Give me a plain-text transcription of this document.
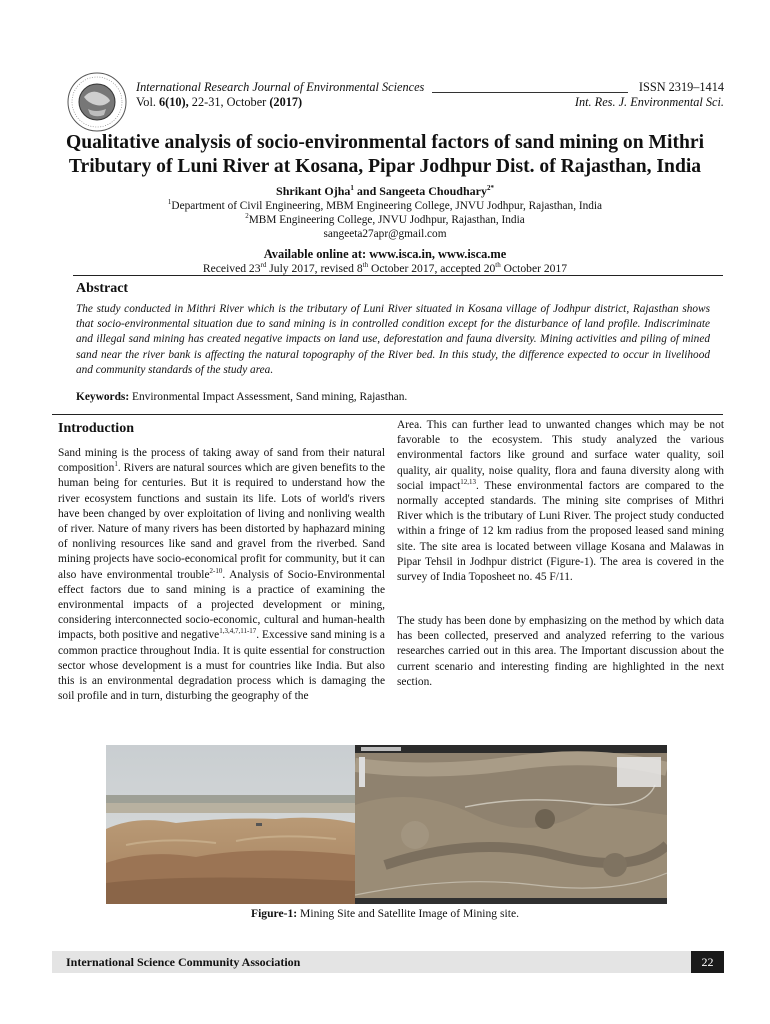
International Research Journal of Environmental Sciences	ISSN 2319–1414
Vol. 6(10), 22-31, October (2017)	Int. Res. J. Environmental Sci.
Qualitative analysis of socio-environmental factors of sand mining on Mithri
Tributary of Luni River at Kosana, Pipar Jodhpur Dist. of Rajasthan, India
Shrikant Ojha$^1$ and Sangeeta Choudhary$^{2*}$
$^1$Department of Civil Engineering, MBM Engineering College, JNVU Jodhpur, Rajasthan, India
$^2$MBM Engineering College, JNVU Jodhpur, Rajasthan, India
sangeeta27apr@gmail.com
Available online at: www.isca.in, www.isca.me
Received 23rd July 2017, revised 8th October 2017, accepted 20th October 2017
Abstract
The study conducted in Mithri River which is the tributary of Luni River situated in Kosana village of Jodhpur district, Rajasthan shows that socio-environmental situation due to sand mining is in controlled condition except for the disturbance of land profile. Indiscriminate and illegal sand mining has created negative impacts on land use, deforestation and fauna diversity. Mining activities and piling of mined sand near the river bank is affecting the natural topography of the River bed. In this study, the difference expected to occur in livelihood and community standards of the study area.
Keywords: Environmental Impact Assessment, Sand mining, Rajasthan.
Introduction
Sand mining is the process of taking away of sand from their natural composition$^1$. Rivers are natural sources which are given benefits to the human being for centuries. But it is required to understand how the river ecosystem functions and sustain its life. Lots of world's rivers have been changed by over exploitation of living and nonliving wealth of river. Nature of many rivers has been distorted by haphazard mining of nonliving resources like sand and gravel from the riverbed. Sand mining projects have socio-economical profit for community, but it can also have environmental trouble$^{2-10}$. Analysis of Socio-Environmental effect factors due to sand mining is a practice of examining the environmental impacts of a projected development or mining, considering interconnected socio-economic, cultural and human-health impacts, both positive and negative$^{1,3,4,7,11-17}$. Excessive sand mining is a common practice throughout India. It is quite essential for construction sector whose development is a must for countries like India. But also this is an environmental degradation process which is damaging the soil profile and in turn, disturbing the geography of the
Area. This can further lead to unwanted changes which may be not favorable to the ecosystem. This study analyzed the various environmental factors like ground and surface water quality, soil quality, air quality, noise quality, flora and fauna diversity along with social impact$^{12,13}$. These environmental factors are compared to the normally accepted standards. The mining site comprises of Mithri River which is the tributary of Luni River. The project study conducted within a fringe of 12 km radius from the proposed leased sand mining site. The site area is located between village Kosana and Malawas in Pipar Tehsil in Jodhpur district (Figure-1). The area is covered in the survey of India Toposheet no. 45 F/11.
The study has been done by emphasizing on the method by which data has been collected, preserved and analyzed referring to the various researches carried out in this area. The Important discussion about the current scenario and interesting finding are highlighted in the next section.
Figure-1: Mining Site and Satellite Image of Mining site.
International Science Community Association	22
